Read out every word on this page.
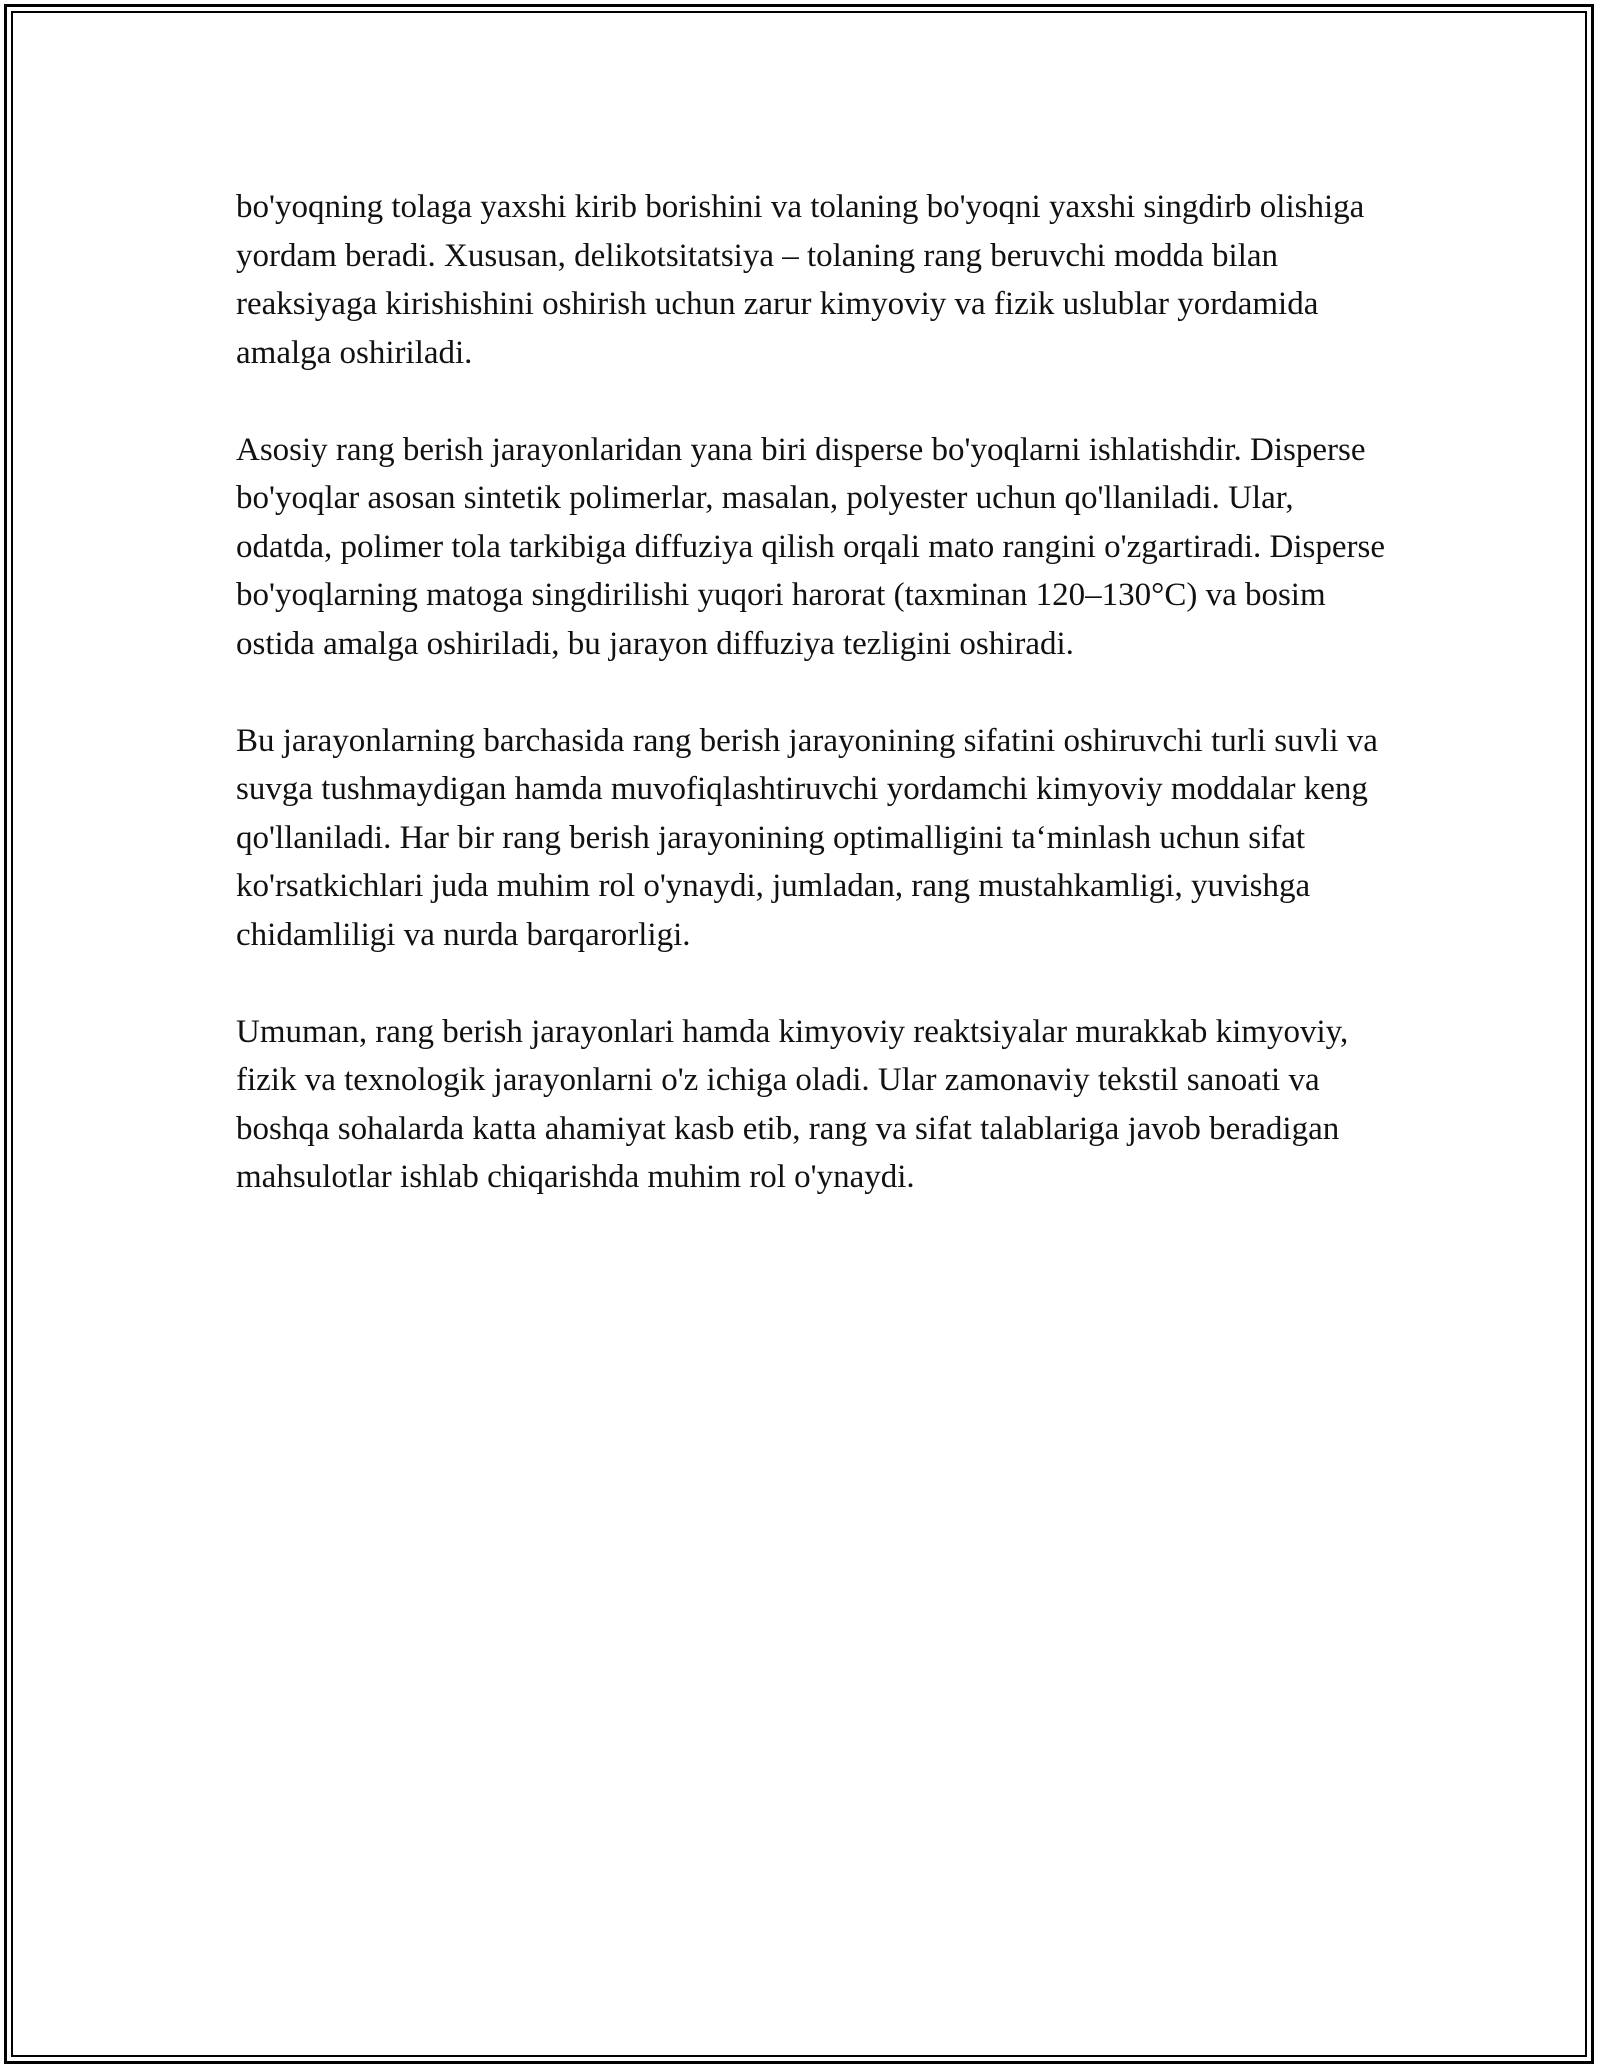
bo'yoqning tolaga yaxshi kirib borishini va tolaning bo'yoqni yaxshi singdirb olishiga yordam beradi. Xususan, delikotsitatsiya – tolaning rang beruvchi modda bilan reaksiyaga kirishishini oshirish uchun zarur kimyoviy va fizik uslublar yordamida amalga oshiriladi.

Asosiy rang berish jarayonlaridan yana biri disperse bo'yoqlarni ishlatishdir. Disperse bo'yoqlar asosan sintetik polimerlar, masalan, polyester uchun qo'llaniladi. Ular, odatda, polimer tola tarkibiga diffuziya qilish orqali mato rangini o'zgartiradi. Disperse bo'yoqlarning matoga singdirilishi yuqori harorat (taxminan 120–130°C) va bosim ostida amalga oshiriladi, bu jarayon diffuziya tezligini oshiradi.

Bu jarayonlarning barchasida rang berish jarayonining sifatini oshiruvchi turli suvli va suvga tushmaydigan hamda muvofiqlashtiruvchi yordamchi kimyoviy moddalar keng qo'llaniladi. Har bir rang berish jarayonining optimalligini ta‘minlash uchun sifat ko'rsatkichlari juda muhim rol o'ynaydi, jumladan, rang mustahkamligi, yuvishga chidamliligi va nurda barqarorligi.

Umuman, rang berish jarayonlari hamda kimyoviy reaktsiyalar murakkab kimyoviy, fizik va texnologik jarayonlarni o'z ichiga oladi. Ular zamonaviy tekstil sanoati va boshqa sohalarda katta ahamiyat kasb etib, rang va sifat talablariga javob beradigan mahsulotlar ishlab chiqarishda muhim rol o'ynaydi.
